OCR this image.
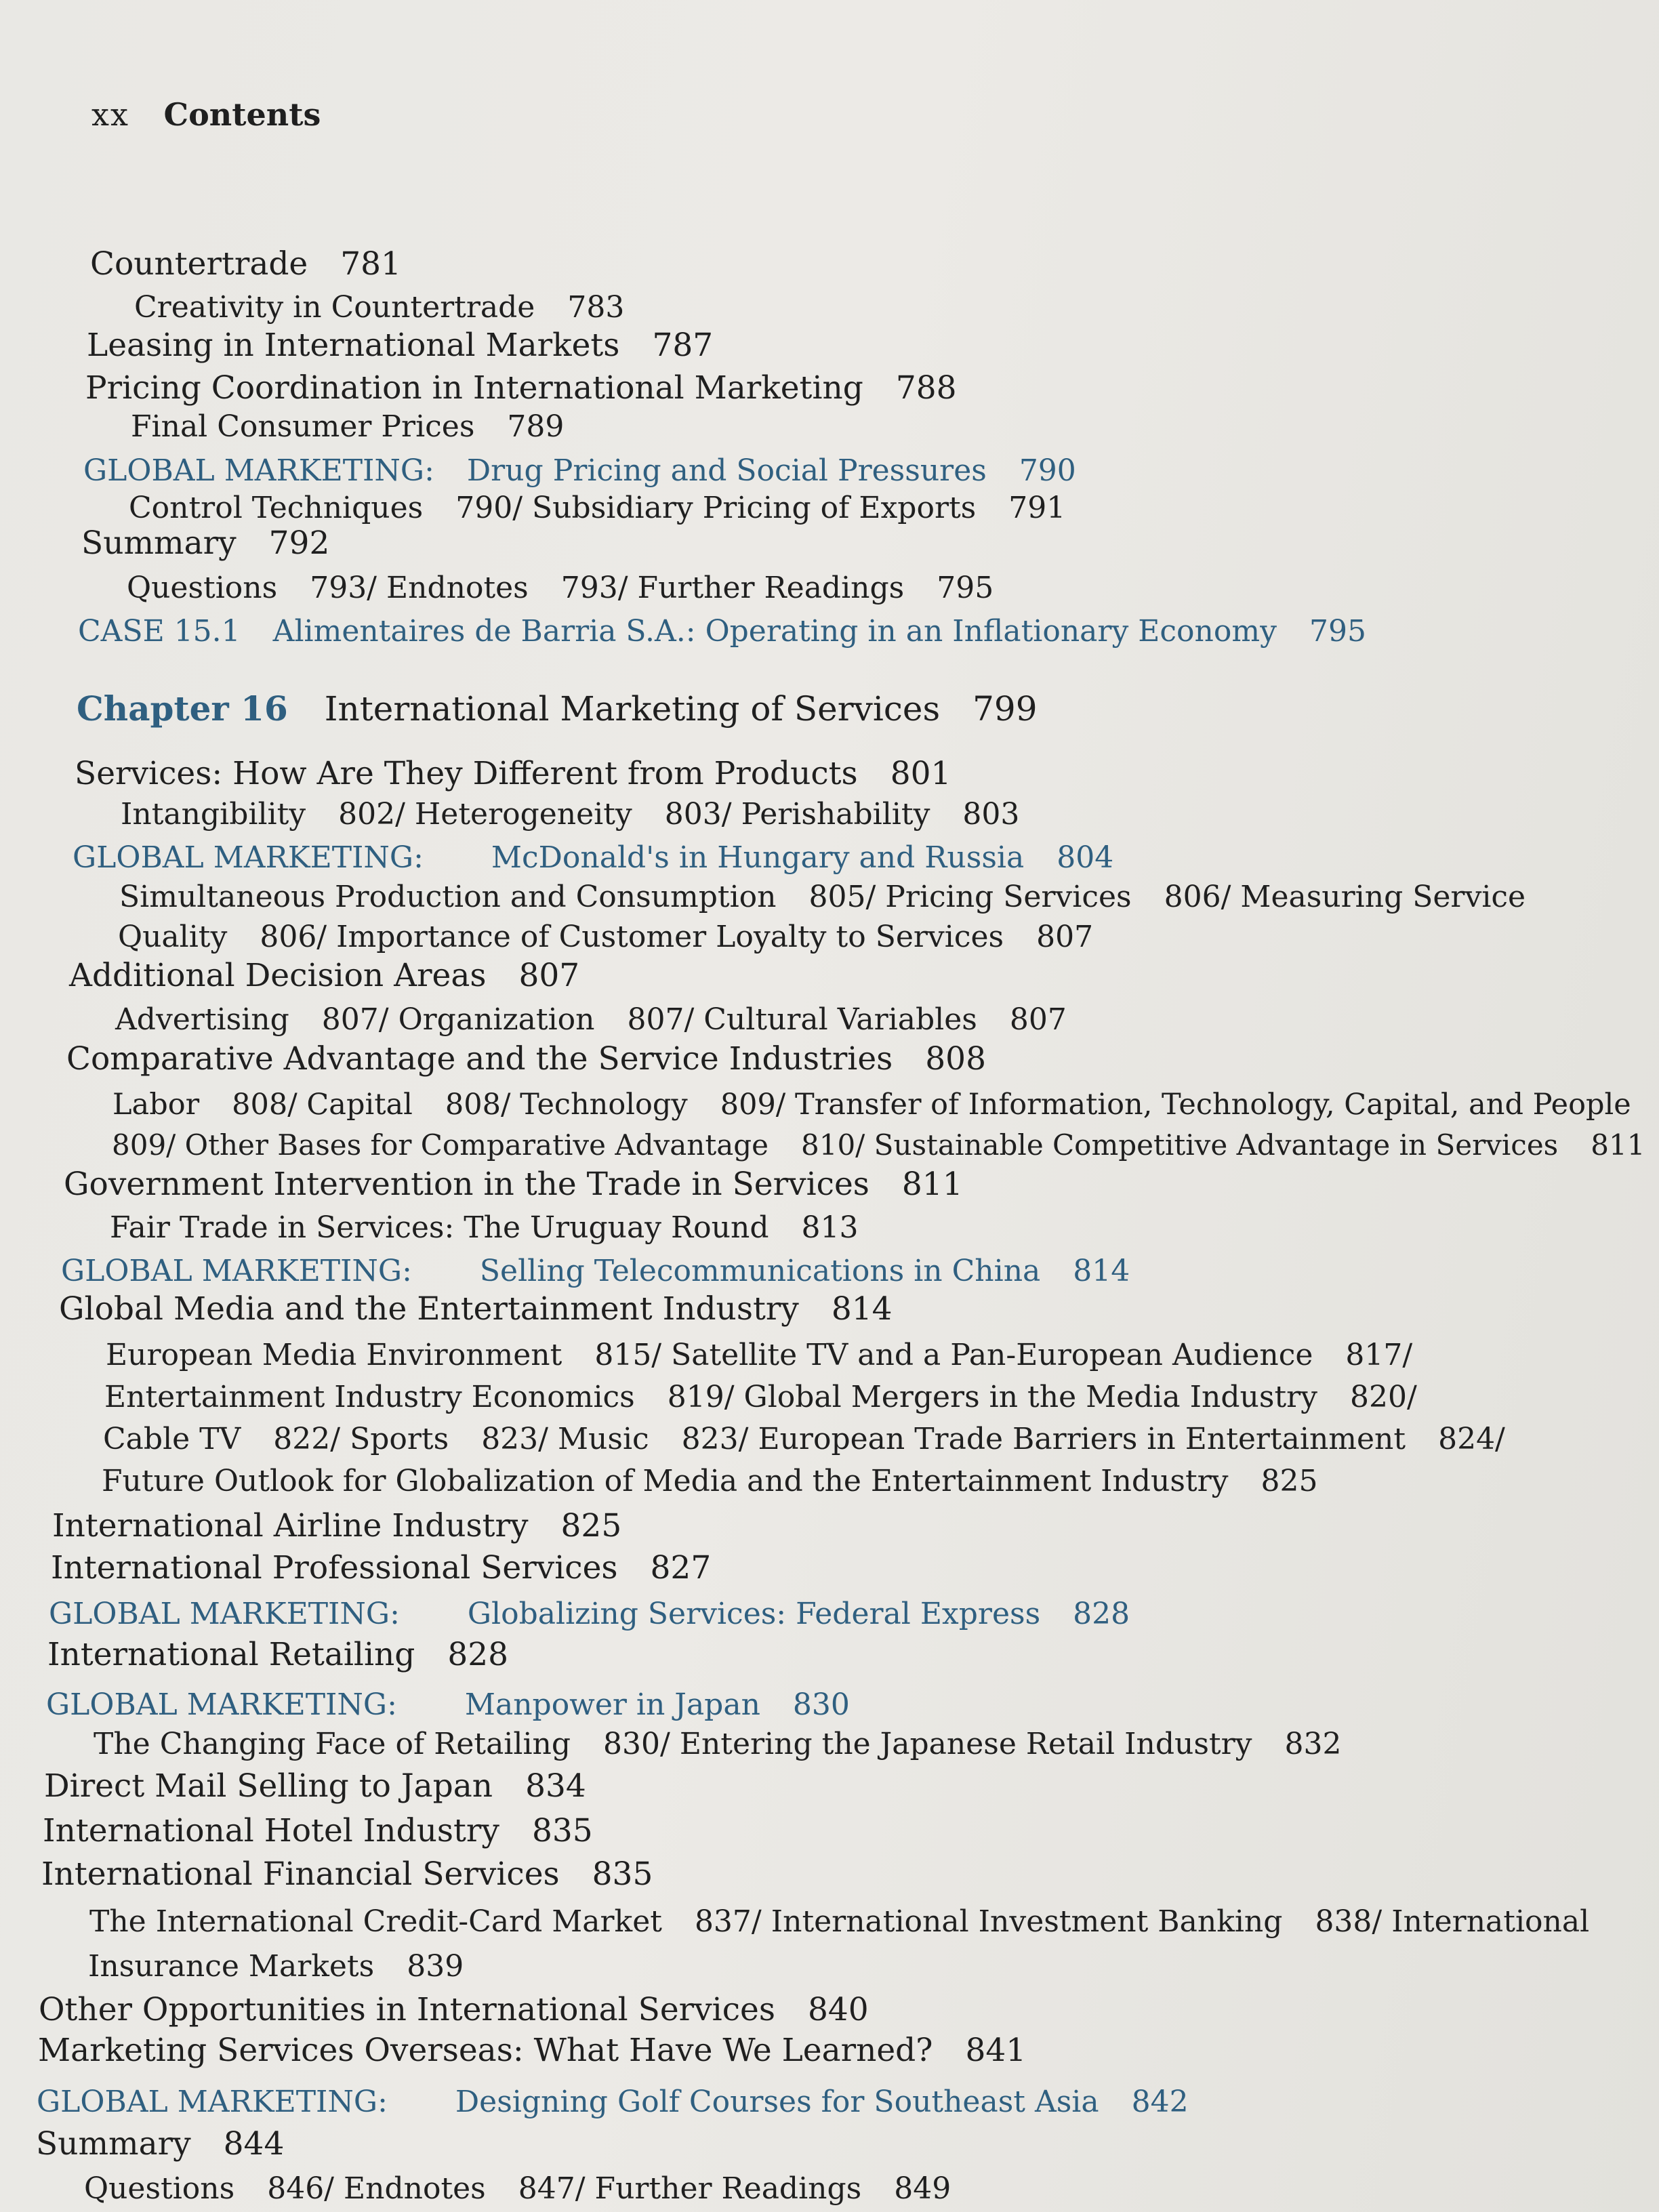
xx Contents
Countertrade 781
Creativity in Countertrade 783
Leasing in International Markets 787
Pricing Coordination in International Marketing 788
Final Consumer Prices 789
GLOBAL MARKETING: Drug Pricing and Social Pressures 790
Control Techniques 790/ Subsidiary Pricing of Exports 791
Summary 792
Questions 793/ Endnotes 793/ Further Readings 795
CASE 15.1 Alimentaires de Barria S.A.: Operating in an Inflationary Economy 795
Chapter 16 International Marketing of Services 799
Services: How Are They Different from Products 801
Intangibility 802/ Heterogeneity 803/ Perishability 803
GLOBAL MARKETING: McDonald's in Hungary and Russia 804
Simultaneous Production and Consumption 805/ Pricing Services 806/ Measuring Service
Quality 806/ Importance of Customer Loyalty to Services 807
Additional Decision Areas 807
Advertising 807/ Organization 807/ Cultural Variables 807
Comparative Advantage and the Service Industries 808
Labor 808/ Capital 808/ Technology 809/ Transfer of Information, Technology, Capital, and People
809/ Other Bases for Comparative Advantage 810/ Sustainable Competitive Advantage in Services 811
Government Intervention in the Trade in Services 811
Fair Trade in Services: The Uruguay Round 813
GLOBAL MARKETING: Selling Telecommunications in China 814
Global Media and the Entertainment Industry 814
European Media Environment 815/ Satellite TV and a Pan-European Audience 817/
Entertainment Industry Economics 819/ Global Mergers in the Media Industry 820/
Cable TV 822/ Sports 823/ Music 823/ European Trade Barriers in Entertainment 824/
Future Outlook for Globalization of Media and the Entertainment Industry 825
International Airline Industry 825
International Professional Services 827
GLOBAL MARKETING: Globalizing Services: Federal Express 828
International Retailing 828
GLOBAL MARKETING: Manpower in Japan 830
The Changing Face of Retailing 830/ Entering the Japanese Retail Industry 832
Direct Mail Selling to Japan 834
International Hotel Industry 835
International Financial Services 835
The International Credit-Card Market 837/ International Investment Banking 838/ International
Insurance Markets 839
Other Opportunities in International Services 840
Marketing Services Overseas: What Have We Learned? 841
GLOBAL MARKETING: Designing Golf Courses for Southeast Asia 842
Summary 844
Questions 846/ Endnotes 847/ Further Readings 849
